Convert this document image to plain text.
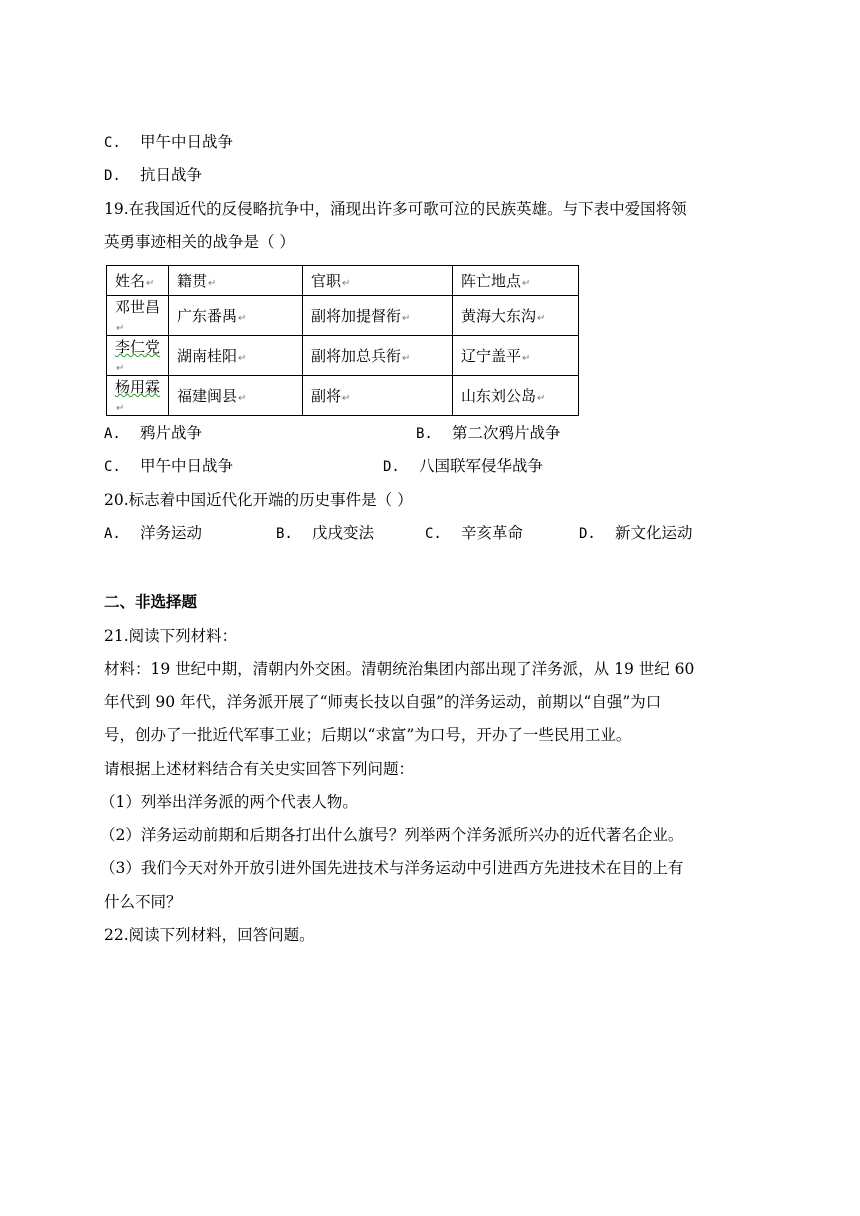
C. 甲午中日战争
D. 抗日战争
19.在我国近代的反侵略抗争中，涌现出许多可歌可泣的民族英雄。与下表中爱国将领
英勇事迹相关的战争是（ ）
姓名↵	籍贯↵	官职↵	阵亡地点↵
邓世昌↵	广东番禺↵	副将加提督衔↵	黄海大东沟↵
李仁党↵	湖南桂阳↵	副将加总兵衔↵	辽宁盖平↵
杨用霖↵	福建闽县↵	副将↵	山东刘公岛↵
A. 鸦片战争	B. 第二次鸦片战争
C. 甲午中日战争	D. 八国联军侵华战争
20.标志着中国近代化开端的历史事件是（ ）
A. 洋务运动	B. 戊戌变法	C. 辛亥革命	D. 新文化运动
二、非选择题
21.阅读下列材料：
材料：19 世纪中期，清朝内外交困。清朝统治集团内部出现了洋务派，从 19 世纪 60
年代到 90 年代，洋务派开展了“师夷长技以自强”的洋务运动，前期以“自强”为口
号，创办了一批近代军事工业；后期以“求富”为口号，开办了一些民用工业。
请根据上述材料结合有关史实回答下列问题：
（1）列举出洋务派的两个代表人物。
（2）洋务运动前期和后期各打出什么旗号？列举两个洋务派所兴办的近代著名企业。
（3）我们今天对外开放引进外国先进技术与洋务运动中引进西方先进技术在目的上有
什么不同？
22.阅读下列材料，回答问题。
